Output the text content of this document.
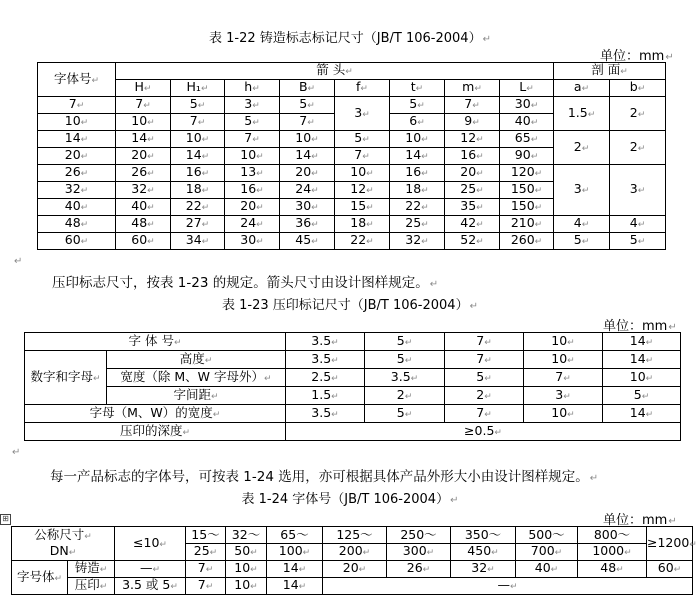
表 1-22 铸造标志标记尺寸（JB/T 106-2004）↵
单位：mm↵
字体号↵	箭 头↵								剖 面↵	
	H↵	H₁↵	h↵	B↵	f↵	t↵	m↵	L↵	a↵	b↵
7↵	7↵	5↵	3↵	5↵	3↵	5↵	7↵	30↵	1.5↵	2↵
10↵	10↵	7↵	5↵	7↵		6↵	9↵	40↵		
14↵	14↵	10↵	7↵	10↵	5↵	10↵	12↵	65↵	2↵	2↵
20↵	20↵	14↵	10↵	14↵	7↵	14↵	16↵	90↵		
26↵	26↵	16↵	13↵	20↵	10↵	16↵	20↵	120↵	3↵	3↵
32↵	32↵	18↵	16↵	24↵	12↵	18↵	25↵	150↵		
40↵	40↵	22↵	20↵	30↵	15↵	22↵	35↵	150↵		
48↵	48↵	27↵	24↵	36↵	18↵	25↵	42↵	210↵	4↵	4↵
60↵	60↵	34↵	30↵	45↵	22↵	32↵	52↵	260↵	5↵	5↵
↵
压印标志尺寸，按表 1-23 的规定。箭头尺寸由设计图样规定。↵
表 1-23 压印标记尺寸（JB/T 106-2004）↵
单位：mm↵
字 体 号↵		3.5↵	5↵	7↵	10↵	14↵
数字和字母↵	高度↵	3.5↵	5↵	7↵	10↵	14↵
	宽度（除 M、W 字母外）↵	2.5↵	3.5↵	5↵	7↵	10↵
	字间距↵	1.5↵	2↵	2↵	3↵	5↵
字母（M、W）的宽度↵		3.5↵	5↵	7↵	10↵	14↵
压印的深度↵		≥0.5↵				
↵
每一产品标志的字体号，可按表 1-24 选用，亦可根据具体产品外形大小由设计图样规定。↵
表 1-24 字体号（JB/T 106-2004）↵
单位：mm↵
⊞
公称尺寸↵
DN↵		≤10↵	15～	32～	65～	125～	250～	350～	500～	800～	≥1200↵
			25↵	50↵	100↵	200↵	300↵	450↵	700↵	1000↵	
字号体↵	铸造↵	—↵	7↵	10↵	14↵	20↵	26↵	32↵	40↵	48↵	60↵
	压印↵	3.5 或 5↵	7↵	10↵	14↵	—↵					
